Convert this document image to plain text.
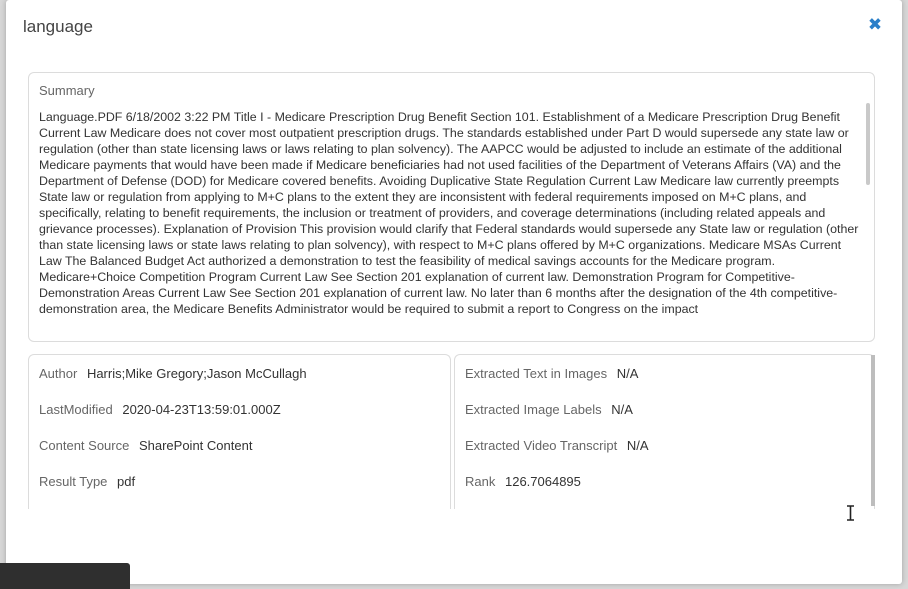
language	✖
Summary
Language.PDF 6/18/2002 3:22 PM Title I - Medicare Prescription Drug Benefit Section 101. Establishment of a Medicare Prescription Drug Benefit Current Law Medicare does not cover most outpatient prescription drugs. The standards established under Part D would supersede any state law or regulation (other than state licensing laws or laws relating to plan solvency). The AAPCC would be adjusted to include an estimate of the additional Medicare payments that would have been made if Medicare beneficiaries had not used facilities of the Department of Veterans Affairs (VA) and the Department of Defense (DOD) for Medicare covered benefits. Avoiding Duplicative State Regulation Current Law Medicare law currently preempts State law or regulation from applying to M+C plans to the extent they are inconsistent with federal requirements imposed on M+C plans, and specifically, relating to benefit requirements, the inclusion or treatment of providers, and coverage determinations (including related appeals and grievance processes). Explanation of Provision This provision would clarify that Federal standards would supersede any State law or regulation (other than state licensing laws or state laws relating to plan solvency), with respect to M+C plans offered by M+C organizations. Medicare MSAs Current Law The Balanced Budget Act authorized a demonstration to test the feasibility of medical savings accounts for the Medicare program. Medicare+Choice Competition Program Current Law See Section 201 explanation of current law. Demonstration Program for Competitive-Demonstration Areas Current Law See Section 201 explanation of current law. No later than 6 months after the designation of the 4th competitive-demonstration area, the Medicare Benefits Administrator would be required to submit a report to Congress on the impact
Author Harris;Mike Gregory;Jason McCullagh
LastModified 2020-04-23T13:59:01.000Z
Content Source SharePoint Content
Result Type pdf
Extracted Text in Images N/A
Extracted Image Labels N/A
Extracted Video Transcript N/A
Rank 126.7064895
